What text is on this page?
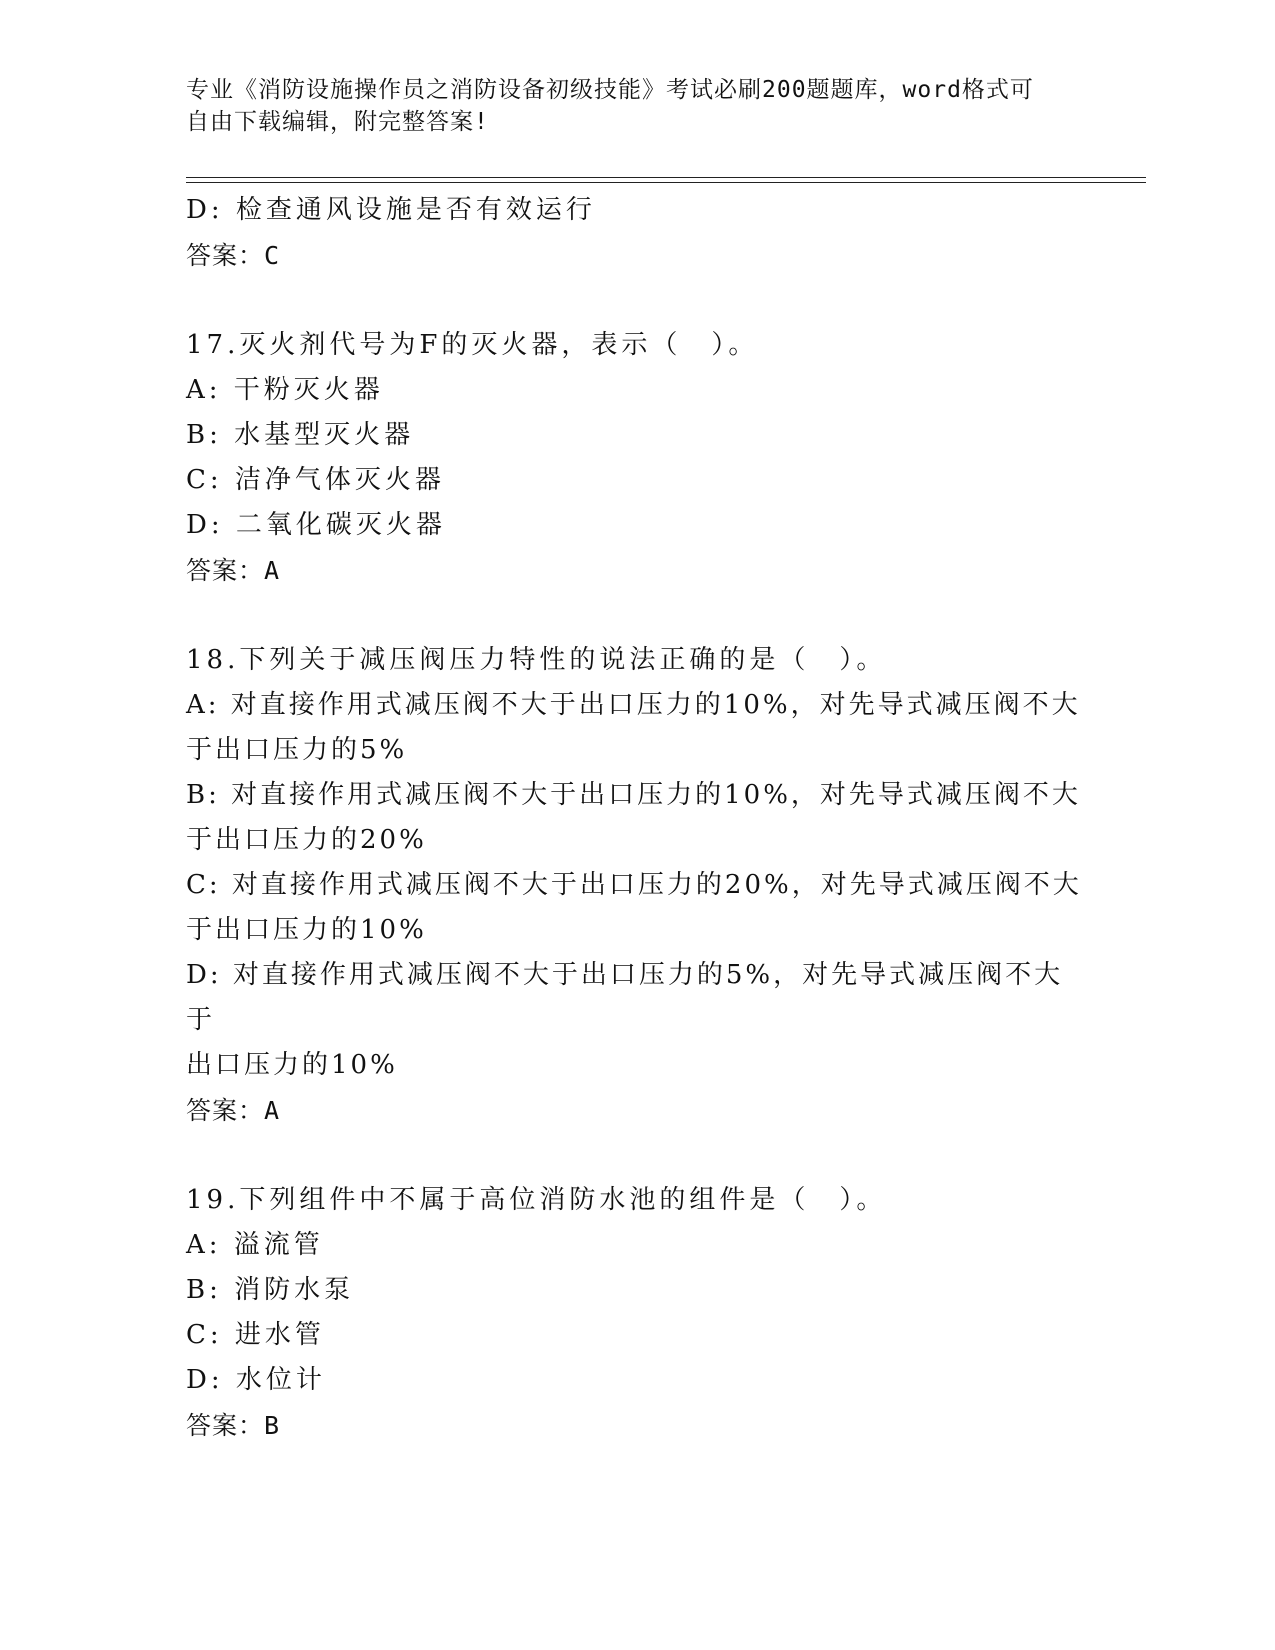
专业《消防设施操作员之消防设备初级技能》考试必刷200题题库，word格式可
自由下载编辑，附完整答案!
D: 检查通风设施是否有效运行
答案：C
17.灭火剂代号为F的灭火器，表示（　）。
A: 干粉灭火器
B: 水基型灭火器
C: 洁净气体灭火器
D: 二氧化碳灭火器
答案：A
18.下列关于减压阀压力特性的说法正确的是（　）。
A: 对直接作用式减压阀不大于出口压力的10%，对先导式减压阀不大
于出口压力的5%
B: 对直接作用式减压阀不大于出口压力的10%，对先导式减压阀不大
于出口压力的20%
C: 对直接作用式减压阀不大于出口压力的20%，对先导式减压阀不大
于出口压力的10%
D: 对直接作用式减压阀不大于出口压力的5%，对先导式减压阀不大于
出口压力的10%
答案：A
19.下列组件中不属于高位消防水池的组件是（　）。
A: 溢流管
B: 消防水泵
C: 进水管
D: 水位计
答案：B
